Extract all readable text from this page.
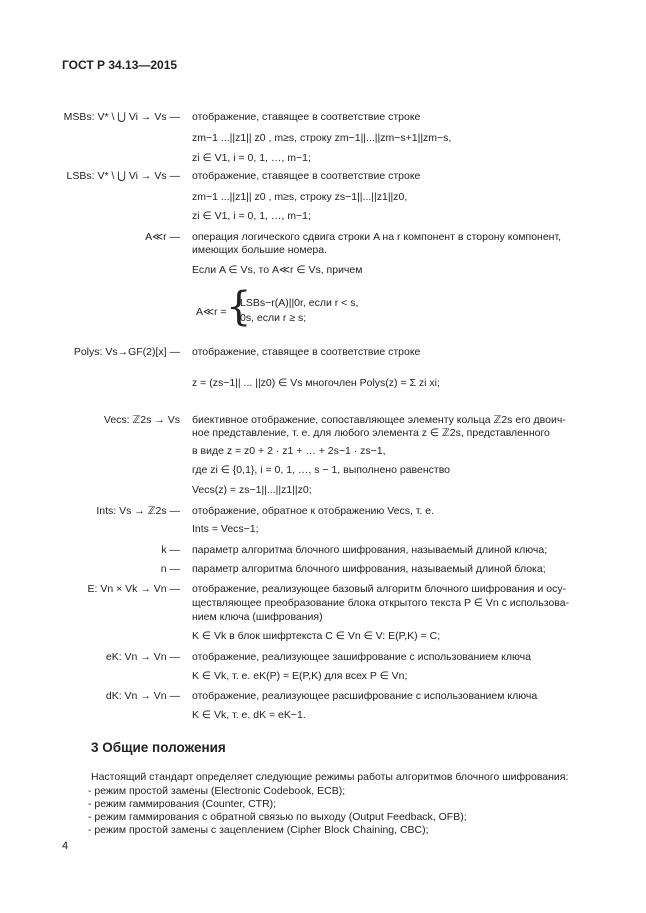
ГОСТ Р 34.13—2015
MSBs: V* \ ⋃ Vi → Vs — отображение, ставящее в соответствие строке
zm−1 ...||z1|| z0 , m≥s, строку zm−1||...||zm−s+1||zm−s,
zi ∈ V1, i = 0, 1, …, m−1;
LSBs: V* \ ⋃ Vi → Vs — отображение, ставящее в соответствие строке
zm−1 ...||z1|| z0 , m≥s, строку zs−1||...||z1||z0,
zi ∈ V1, i = 0, 1, …, m−1;
A≪r — операция логического сдвига строки A на r компонент в сторону компонент,
имеющих большие номера.
Если A ∈ Vs, то A≪r ∈ Vs, причем
A≪r = {
LSBs−r(A)||0r, если r < s,
0s, если r ≥ s;
Polys: Vs→GF(2)[x] — отображение, ставящее в соответствие строке
z = (zs−1|| ... ||z0) ∈ Vs многочлен Polys(z) = Σ zi xi;
Vecs: ℤ2s → Vs биективное отображение, сопоставляющее элементу кольца ℤ2s его двоич-
ное представление, т. е. для любого элемента z ∈ ℤ2s, представленного
в виде z = z0 + 2 · z1 + … + 2s−1 · zs−1,
где zi ∈ {0,1}, i = 0, 1, …, s − 1, выполнено равенство
Vecs(z) = zs−1||...||z1||z0;
Ints: Vs → ℤ2s — отображение, обратное к отображению Vecs, т. е.
Ints = Vecs−1;
k — параметр алгоритма блочного шифрования, называемый длиной ключа;
n — параметр алгоритма блочного шифрования, называемый длиной блока;
E: Vn × Vk → Vn — отображение, реализующее базовый алгоритм блочного шифрования и осу-
ществляющее преобразование блока открытого текста P ∈ Vn с использова-
нием ключа (шифрования)
K ∈ Vk в блок шифртекста C ∈ Vn ∈ V: E(P,K) = C;
eK: Vn → Vn — отображение, реализующее зашифрование с использованием ключа
K ∈ Vk, т. е. eK(P) = E(P,K) для всех P ∈ Vn;
dK: Vn → Vn — отображение, реализующее расшифрование с использованием ключа
K ∈ Vk, т. е. dK = eK−1.
3 Общие положения
Настоящий стандарт определяет следующие режимы работы алгоритмов блочного шифрования:
- режим простой замены (Electronic Codebook, ECB);
- режим гаммирования (Counter, CTR);
- режим гаммирования с обратной связью по выходу (Output Feedback, OFB);
- режим простой замены с зацеплением (Cipher Block Chaining, CBC);
4
